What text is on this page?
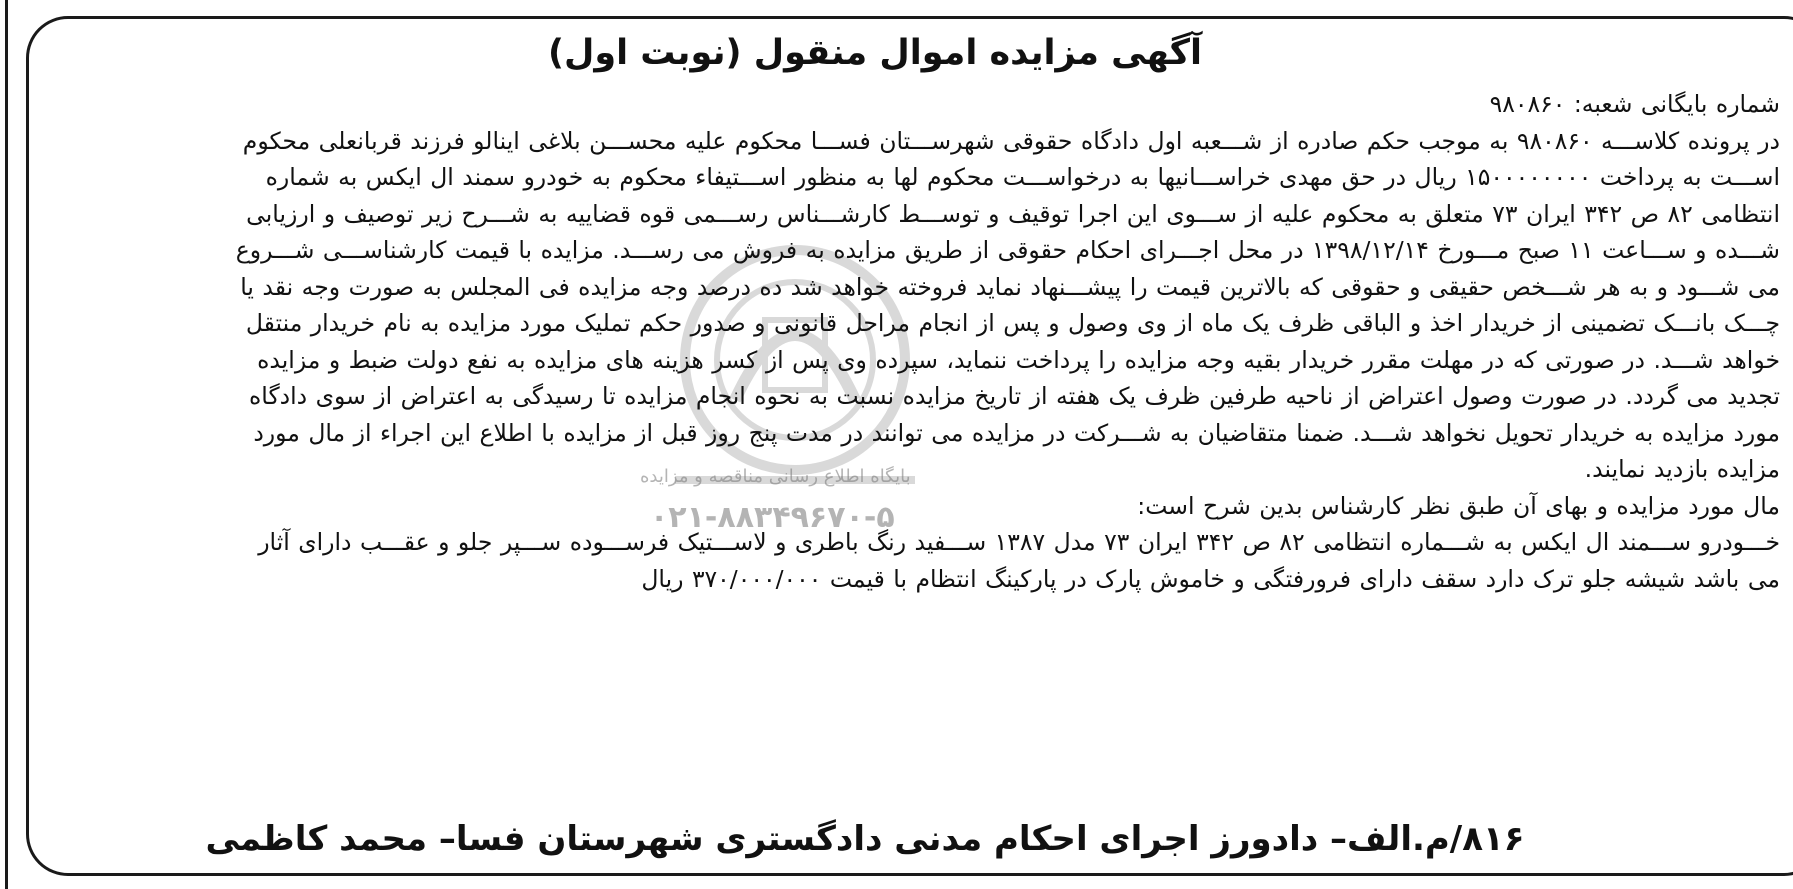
بایگاه اطلاع رسانی مناقصه و مزایده
۰۲۱-۸۸۳۴۹۶۷۰-۵
آگهی مزایده اموال منقول (نوبت اول)
شماره بایگانی شعبه: ۹۸۰۸۶۰
در پرونده کلاســـه ۹۸۰۸۶۰ به موجب حکم صادره از شـــعبه اول دادگاه حقوقی شهرســـتان فســـا محکوم علیه محســـن بلاغی اینالو فرزند قربانعلی محکوم
اســـت به پرداخت ۱۵۰۰۰۰۰۰۰۰ ریال در حق مهدی خراســـانیها به درخواســـت محکوم لها به منظور اســـتیفاء محکوم به خودرو سمند ال ایکس به شماره
انتظامی ۸۲ ص ۳۴۲ ایران ۷۳ متعلق به محکوم علیه از ســـوی این اجرا توقیف و توســـط کارشـــناس رســـمی قوه قضاییه به شـــرح زیر توصیف و ارزیابی
شـــده و ســـاعت ۱۱ صبح مـــورخ ۱۳۹۸/۱۲/۱۴ در محل اجـــرای احکام حقوقی از طریق مزایده به فروش می رســـد. مزایده با قیمت کارشناســـی شـــروع
می شـــود و به هر شـــخص حقیقی و حقوقی که بالاترین قیمت را پیشـــنهاد نماید فروخته خواهد شد ده درصد وجه مزایده فی المجلس به صورت وجه نقد یا
چـــک بانـــک تضمینی از خریدار اخذ و الباقی ظرف یک ماه از وی وصول و پس از انجام مراحل قانونی و صدور حکم تملیک مورد مزایده به نام خریدار منتقل
خواهد شـــد. در صورتی که در مهلت مقرر خریدار بقیه وجه مزایده را پرداخت ننماید، سپرده وی پس از کسر هزینه های مزایده به نفع دولت ضبط و مزایده
تجدید می گردد. در صورت وصول اعتراض از ناحیه طرفین ظرف یک هفته از تاریخ مزایده نسبت به نحوه انجام مزایده تا رسیدگی به اعتراض از سوی دادگاه
مورد مزایده به خریدار تحویل نخواهد شـــد. ضمنا متقاضیان به شـــرکت در مزایده می توانند در مدت پنج روز قبل از مزایده با اطلاع این اجراء از مال مورد
مزایده بازدید نمایند.
مال مورد مزایده و بهای آن طبق نظر کارشناس بدین شرح است:
خـــودرو ســـمند ال ایکس به شـــماره انتظامی ۸۲ ص ۳۴۲ ایران ۷۳ مدل ۱۳۸۷ ســـفید رنگ باطری و لاســـتیک فرســـوده ســـپر جلو و عقـــب دارای آثار
می باشد شیشه جلو ترک دارد سقف دارای فرورفتگی و خاموش پارک در پارکینگ انتظام با قیمت ۳۷۰/۰۰۰/۰۰۰ ریال
۸۱۶/م.الف– دادورز اجرای احکام مدنی دادگستری شهرستان فسا– محمد کاظمی
